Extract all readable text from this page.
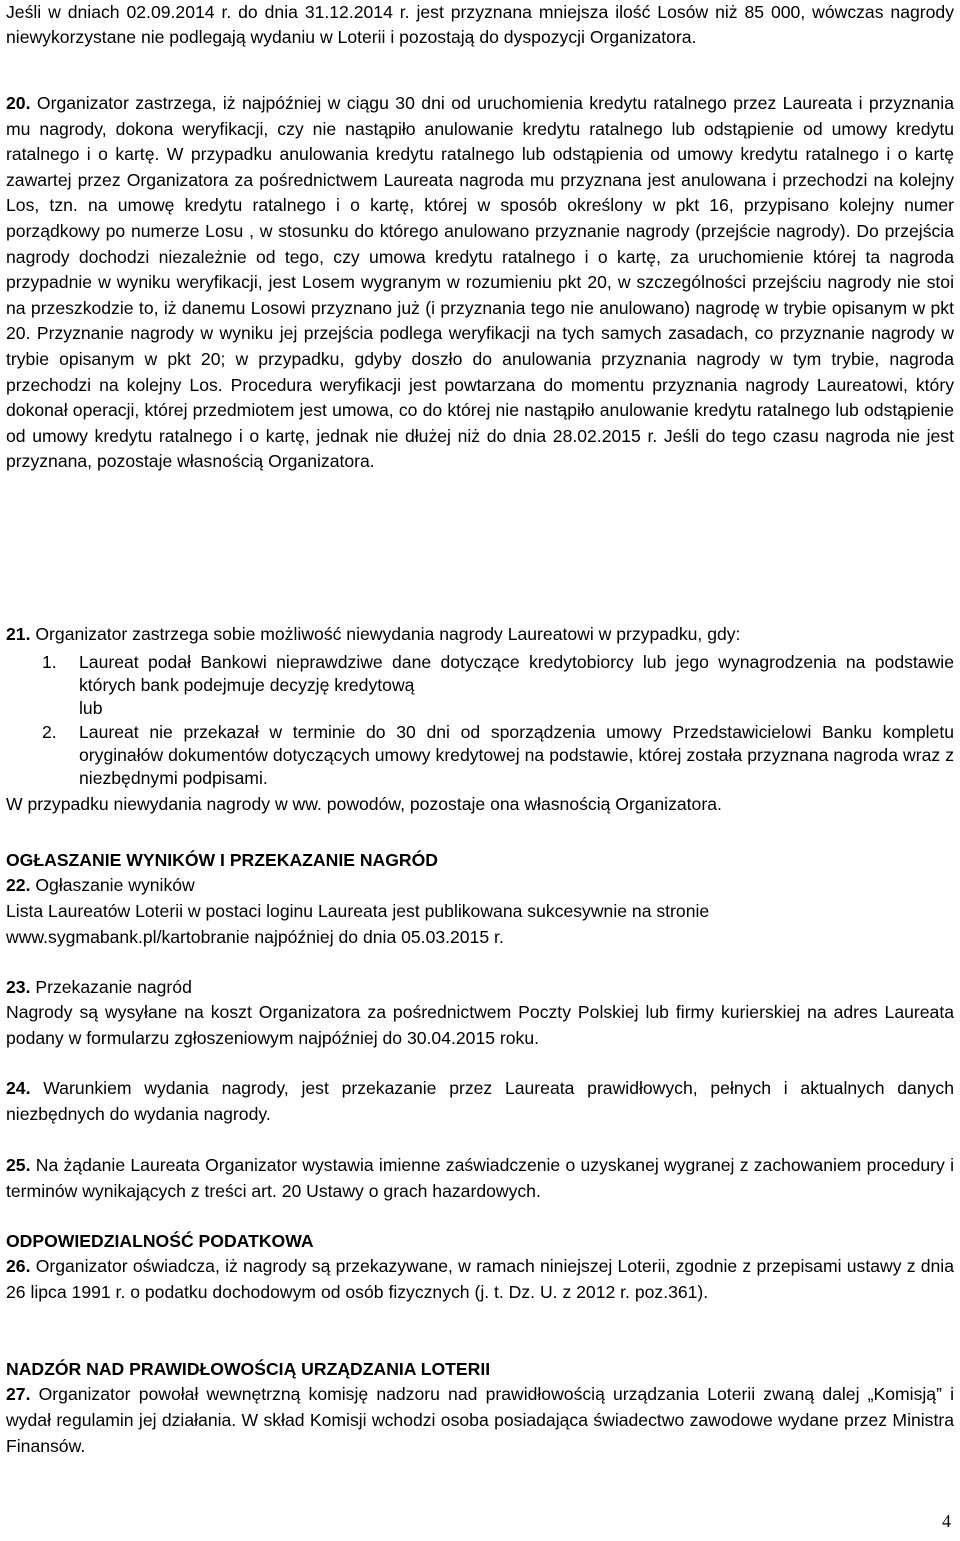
Jeśli w dniach 02.09.2014 r. do dnia 31.12.2014 r. jest przyznana mniejsza ilość Losów niż 85 000, wówczas nagrody niewykorzystane nie podlegają wydaniu w Loterii i pozostają do dyspozycji Organizatora.

20. Organizator zastrzega, iż najpóźniej w ciągu 30 dni od uruchomienia kredytu ratalnego przez Laureata i przyznania mu nagrody, dokona weryfikacji, czy nie nastąpiło anulowanie kredytu ratalnego lub odstąpienie od umowy kredytu ratalnego i o kartę. W przypadku anulowania kredytu ratalnego lub odstąpienia od umowy kredytu ratalnego i o kartę zawartej przez Organizatora za pośrednictwem Laureata nagroda mu przyznana jest anulowana i przechodzi na kolejny Los, tzn. na umowę kredytu ratalnego i o kartę, której w sposób określony w pkt 16, przypisano kolejny numer porządkowy po numerze Losu , w stosunku do którego anulowano przyznanie nagrody (przejście nagrody). Do przejścia nagrody dochodzi niezależnie od tego, czy umowa kredytu ratalnego i o kartę, za uruchomienie której ta nagroda przypadnie w wyniku weryfikacji, jest Losem wygranym w rozumieniu pkt 20, w szczególności przejściu nagrody nie stoi na przeszkodzie to, iż danemu Losowi przyznano już (i przyznania tego nie anulowano) nagrodę w trybie opisanym w pkt 20. Przyznanie nagrody w wyniku jej przejścia podlega weryfikacji na tych samych zasadach, co przyznanie nagrody w trybie opisanym w pkt 20; w przypadku, gdyby doszło do anulowania przyznania nagrody w tym trybie, nagroda przechodzi na kolejny Los. Procedura weryfikacji jest powtarzana do momentu przyznania nagrody Laureatowi, który dokonał operacji, której przedmiotem jest umowa, co do której nie nastąpiło anulowanie kredytu ratalnego lub odstąpienie od umowy kredytu ratalnego i o kartę, jednak nie dłużej niż do dnia 28.02.2015 r. Jeśli do tego czasu nagroda nie jest przyznana, pozostaje własnością Organizatora.

21. Organizator zastrzega sobie możliwość niewydania nagrody Laureatowi w przypadku, gdy:

1. Laureat podał Bankowi nieprawdziwe dane dotyczące kredytobiorcy lub jego wynagrodzenia na podstawie których bank podejmuje decyzję kredytową
lub
2. Laureat nie przekazał w terminie do 30 dni od sporządzenia umowy Przedstawicielowi Banku kompletu oryginałów dokumentów dotyczących umowy kredytowej na podstawie, której została przyznana nagroda wraz z niezbędnymi podpisami.

W przypadku niewydania nagrody w ww. powodów, pozostaje ona własnością Organizatora.

OGŁASZANIE WYNIKÓW I PRZEKAZANIE NAGRÓD

22. Ogłaszanie wyników

Lista Laureatów Loterii w postaci loginu Laureata jest publikowana sukcesywnie na stronie www.sygmabank.pl/kartobranie najpóźniej do dnia 05.03.2015 r.

23. Przekazanie nagród

Nagrody są wysyłane na koszt Organizatora za pośrednictwem Poczty Polskiej lub firmy kurierskiej na adres Laureata podany w formularzu zgłoszeniowym najpóźniej do 30.04.2015 roku.

24. Warunkiem wydania nagrody, jest przekazanie przez Laureata prawidłowych, pełnych i aktualnych danych niezbędnych do wydania nagrody.

25. Na żądanie Laureata Organizator wystawia imienne zaświadczenie o uzyskanej wygranej z zachowaniem procedury i terminów wynikających z treści art. 20 Ustawy o grach hazardowych.

ODPOWIEDZIALNOŚĆ PODATKOWA

26. Organizator oświadcza, iż nagrody są przekazywane, w ramach niniejszej Loterii, zgodnie z przepisami ustawy z dnia 26 lipca 1991 r. o podatku dochodowym od osób fizycznych (j. t. Dz. U. z 2012 r. poz.361).

NADZÓR NAD PRAWIDŁOWOŚCIĄ URZĄDZANIA LOTERII

27. Organizator powołał wewnętrzną komisję nadzoru nad prawidłowością urządzania Loterii zwaną dalej „Komisją” i wydał regulamin jej działania. W skład Komisji wchodzi osoba posiadająca świadectwo zawodowe wydane przez Ministra Finansów.

4
